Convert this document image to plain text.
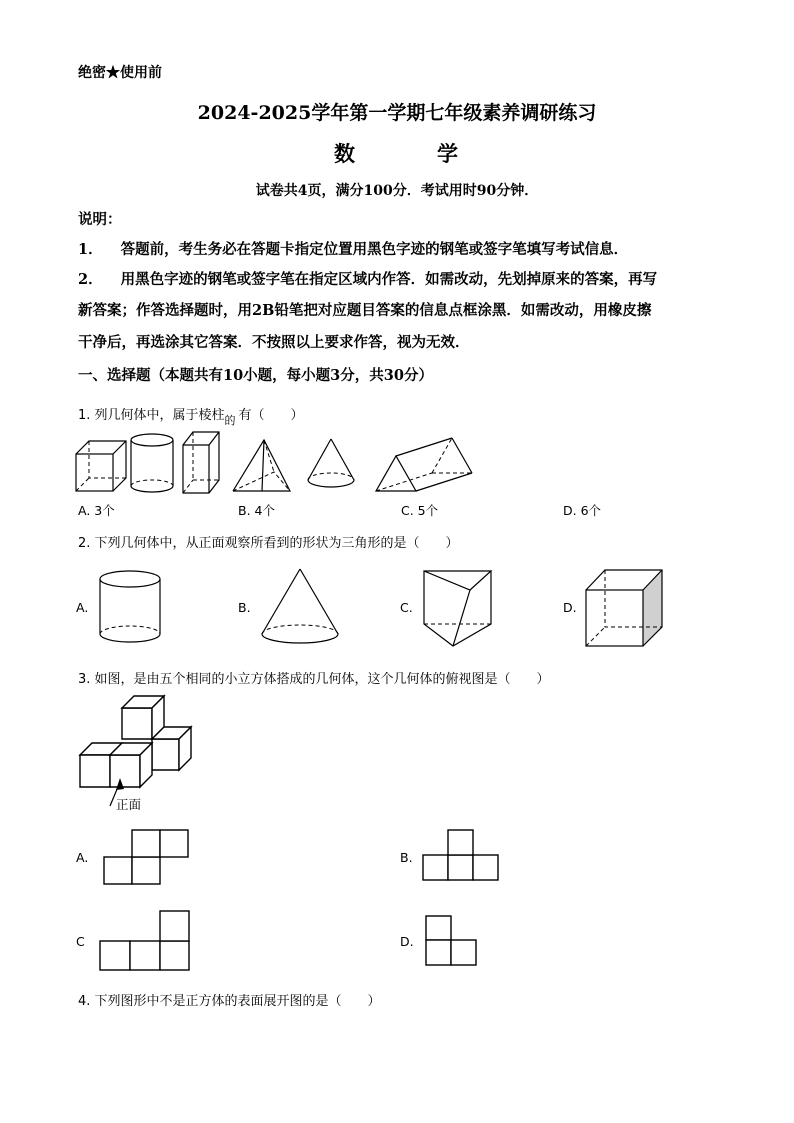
绝密★使用前
2024-2025学年第一学期七年级素养调研练习
数	学
试卷共4页，满分100分．考试用时90分钟．
说明：
1． 答题前，考生务必在答题卡指定位置用黑色字迹的钢笔或签字笔填写考试信息．
2． 用黑色字迹的钢笔或签字笔在指定区域内作答．如需改动，先划掉原来的答案，再写
新答案；作答选择题时，用2B铅笔把对应题目答案的信息点框涂黑．如需改动，用橡皮擦
干净后，再选涂其它答案．不按照以上要求作答，视为无效．
一、选择题（本题共有10小题，每小题3分，共30分）
1. 列几何体中，属于棱柱 的 有（　　）
A. 3个	B. 4个	C. 5个	D. 6个
2. 下列几何体中，从正面观察所看到的形状为三角形的是（　　）
A.	B.	C.	D.
3. 如图，是由五个相同的小立方体搭成的几何体，这个几何体的俯视图是（　　）
正面
A.	B.
C	D.
4. 下列图形中不是正方体的表面展开图的是（　　）
